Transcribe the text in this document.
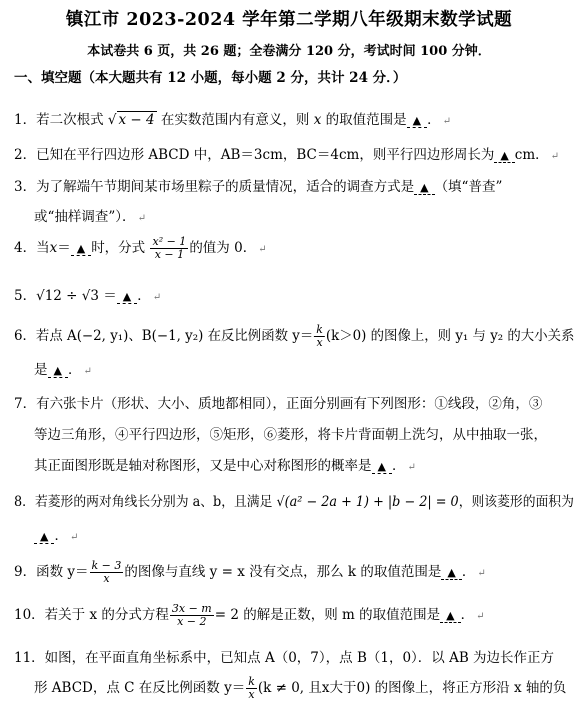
镇江市 2023-2024 学年第二学期八年级期末数学试题
本试卷共 6 页，共 26 题；全卷满分 120 分，考试时间 100 分钟．
一、填空题（本大题共有 12 小题，每小题 2 分，共计 24 分．）
1．若二次根式 √ x − 4 在实数范围内有意义，则 x 的取值范围是 ▲ ． ↵
2．已知在平行四边形 ABCD 中，AB＝3cm，BC＝4cm，则平行四边形周长为 ▲ cm． ↵
3．为了解端午节期间某市场里粽子的质量情况，适合的调查方式是 ▲ （填“普查”
或“抽样调查”）． ↵
4．当x＝ ▲ 时，分式 $\frac{\text{x² − 1}}{x - 1}$ 的值为 0． ↵
5．√12 ÷ √3 ＝ ▲ ． ↵
6．若点 A(−2, y₁)、B(−1, y₂) 在反比例函数 $y= \frac{k}{x} (k>0)$ 的图像上，则 y₁ 与 y₂ 的大小关系
是 ▲ ． ↵
7．有六张卡片（形状、大小、质地都相同），正面分别画有下列图形：①线段，②角，③
等边三角形，④平行四边形，⑤矩形，⑥菱形，将卡片背面朝上洗匀，从中抽取一张，
其正面图形既是轴对称图形，又是中心对称图形的概率是 ▲ ． ↵
8．若菱形的两对角线长分别为 a、b，且满足 √(a² − 2a + 1) + |b − 2| = 0，则该菱形的面积为
▲ ． ↵
9．函数 $y= \frac{k - 3}{x}$ 的图像与直线 y = x 没有交点，那么 k 的取值范围是 ▲ ． ↵
10．若关于 x 的分式方程 $\frac{3x - m}{x - 2} = 2$ 的解是正数，则 m 的取值范围是 ▲ ． ↵
11．如图，在平面直角坐标系中，已知点 A（0，7），点 B（1，0）．以 AB 为边长作正方
形 ABCD，点 C 在反比例函数 $y= \frac{k}{x} (k \ne 0$, 且x大于0) 的图像上，将正方形沿 x 轴的负
